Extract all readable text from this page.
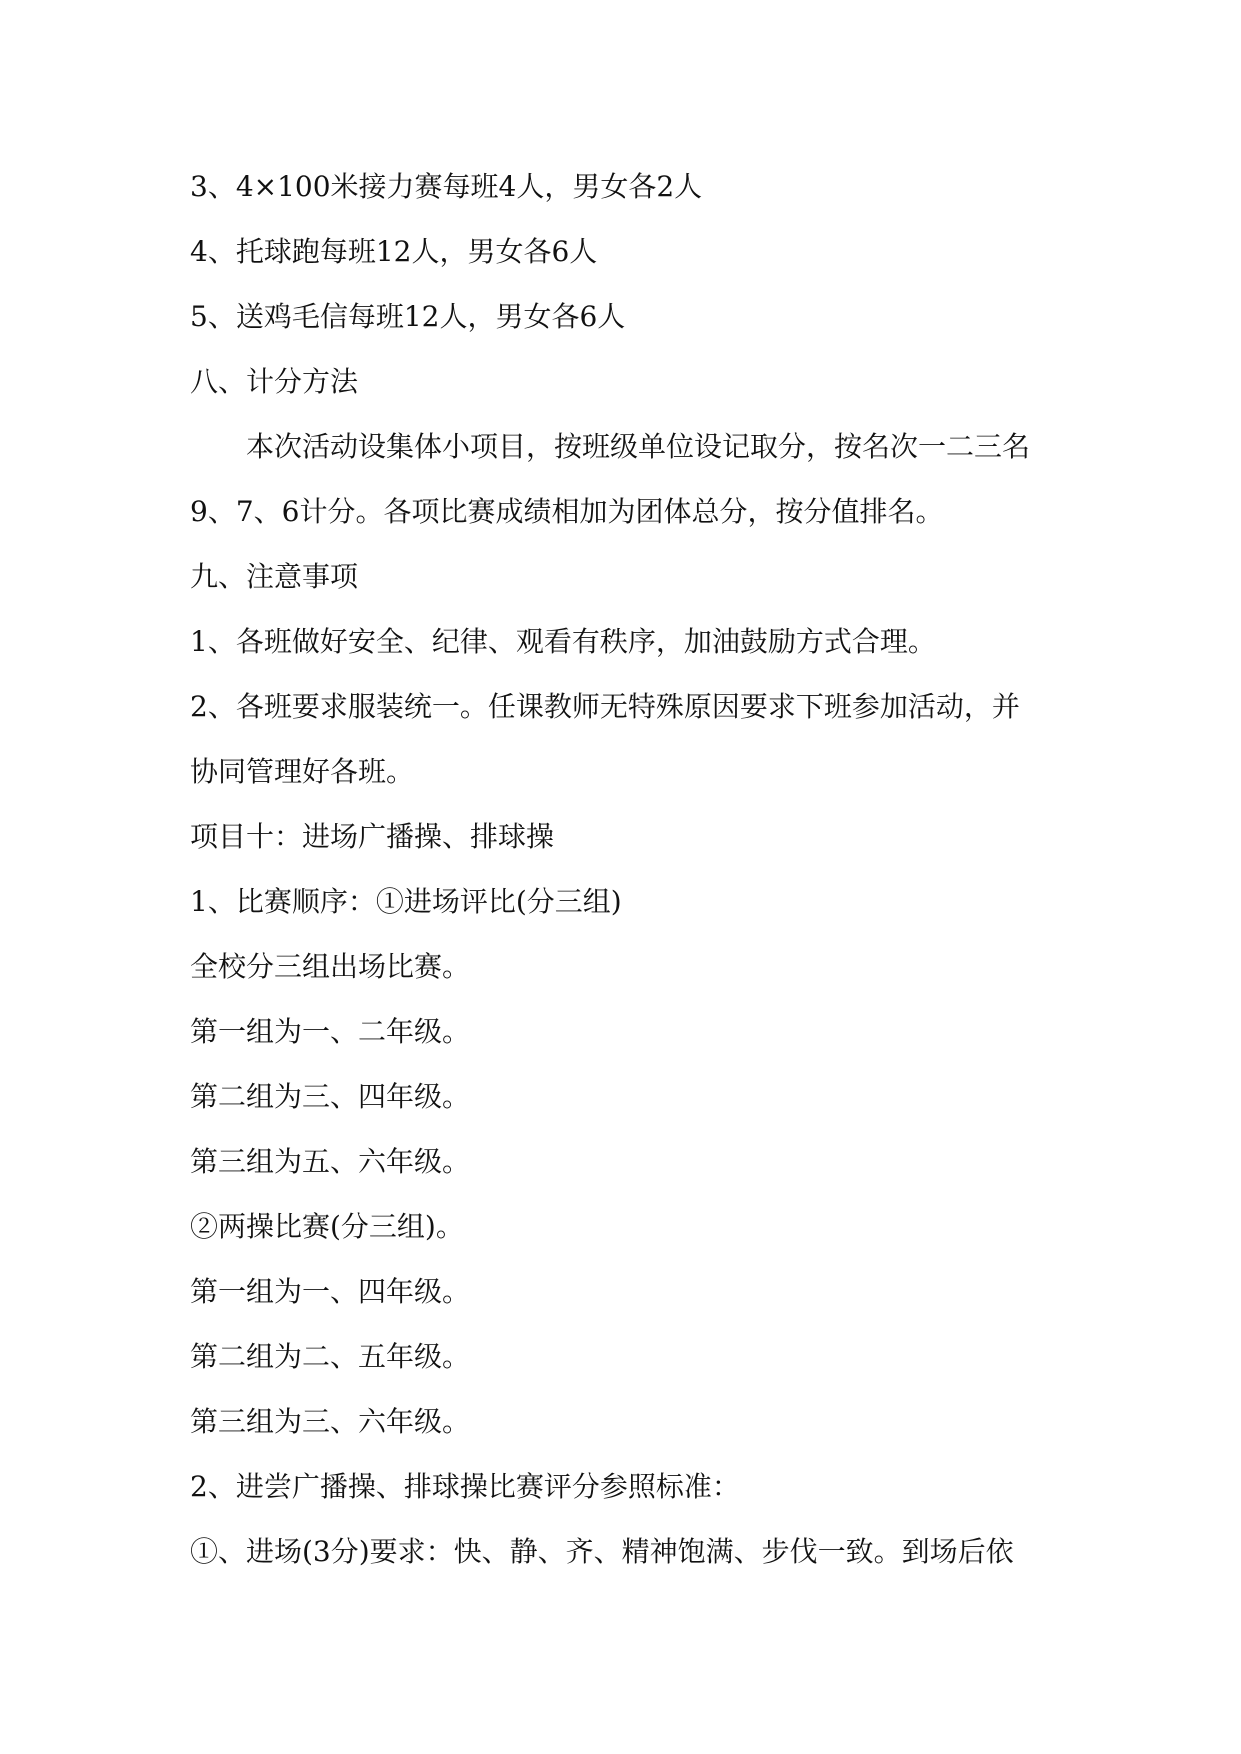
3、4×100米接力赛每班4人，男女各2人
4、托球跑每班12人，男女各6人
5、送鸡毛信每班12人，男女各6人
八、计分方法
本次活动设集体小项目，按班级单位设记取分，按名次一二三名
9、7、6计分。各项比赛成绩相加为团体总分，按分值排名。
九、注意事项
1、各班做好安全、纪律、观看有秩序，加油鼓励方式合理。
2、各班要求服装统一。任课教师无特殊原因要求下班参加活动，并
协同管理好各班。
项目十：进场广播操、排球操
1、比赛顺序：①进场评比(分三组)
全校分三组出场比赛。
第一组为一、二年级。
第二组为三、四年级。
第三组为五、六年级。
②两操比赛(分三组)。
第一组为一、四年级。
第二组为二、五年级。
第三组为三、六年级。
2、进尝广播操、排球操比赛评分参照标准：
①、进场(3分)要求：快、静、齐、精神饱满、步伐一致。到场后依
